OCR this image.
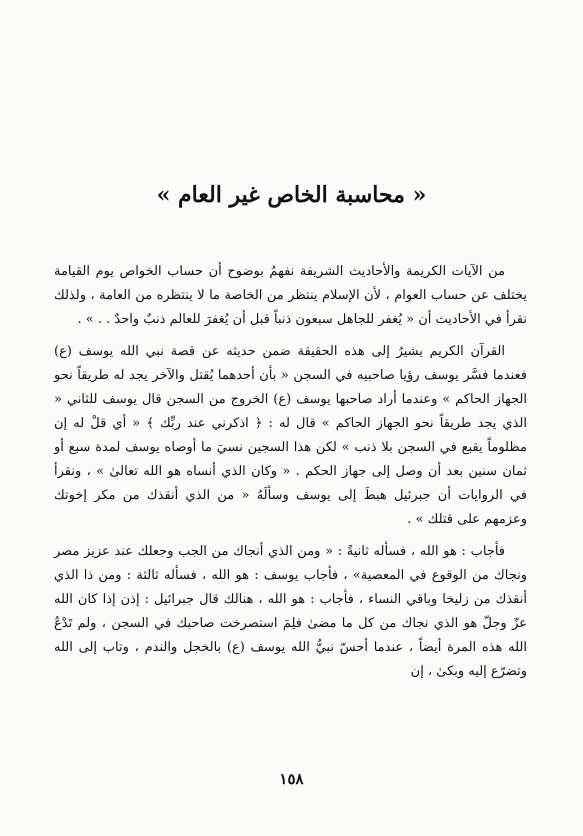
« محاسبة الخاص غير العام »

من الآيات الكريمة والأحاديث الشريفة نفهمُ بوضوح أن حساب الخواص يوم القيامة يختلف عن حساب العوام ، لأن الإسلام ينتظر من الخاصة ما لا ينتظره من العامة ، ولذلك نقرأ في الأحاديث أن « يُغفر للجاهل سبعون ذنباً قبل أن يُغفرَ للعالم ذنبٌ واحدٌ . . » .

القرآن الكريم يشيرُ إلى هذه الحقيقة ضمن حديثه عن قصة نبي الله يوسف (ع) فعندما فسَّر يوسف رؤيا صاحبيه في السجن « بأن أحدهما يُقتل والآخر يجد له طريقاً نحو الجهاز الحاكم » وعندما أراد صاحبها يوسف (ع) الخروج من السجن قال يوسف للثاني « الذي يجد طريقاً نحو الجهاز الحاكم » قال له : ﴿ اذكرني عند ربِّك ﴾ « أي قلْ له إن مظلوماً يقبع في السجن بلا ذنب » لكن هذا السجين نسيَ ما أوصاه يوسف لمدة سبع أو ثمان سنين بعد أن وصل إلى جهاز الحكم . « وكان الذي أنساه هو الله تعالىٰ » ، ونقرأ في الروايات أن جبرئيل هبطَ إلى يوسف وسألَهُ « من الذي أنقذك من مكر إخوتك وعزمهم على قتلك » .

فأجاب : هو الله ، فسأله ثانيةً : « ومن الذي أنجاك من الجب وجعلك عند عزيز مصر ونجاك من الوقوع في المعصية» ، فأجاب يوسف : هو الله ، فسأله ثالثة : ومن ذا الذي أنقذك من زليخا وباقي النساء ، فأجاب : هو الله ، هنالك قال جبرائيل : إذن إذا كان الله عزّ وجلّ هو الذي نجاك من كل ما مضىٰ فلِمَ استصرخت صاحبك في السجن ، ولم تَدْعُ الله هذه المرة أيضاً ، عندما أحسّ نبيُّ الله يوسف (ع) بالخجل والندم ، وتاب إلى الله وتضرّع إليه وبكىٰ ، إن

١٥٨
